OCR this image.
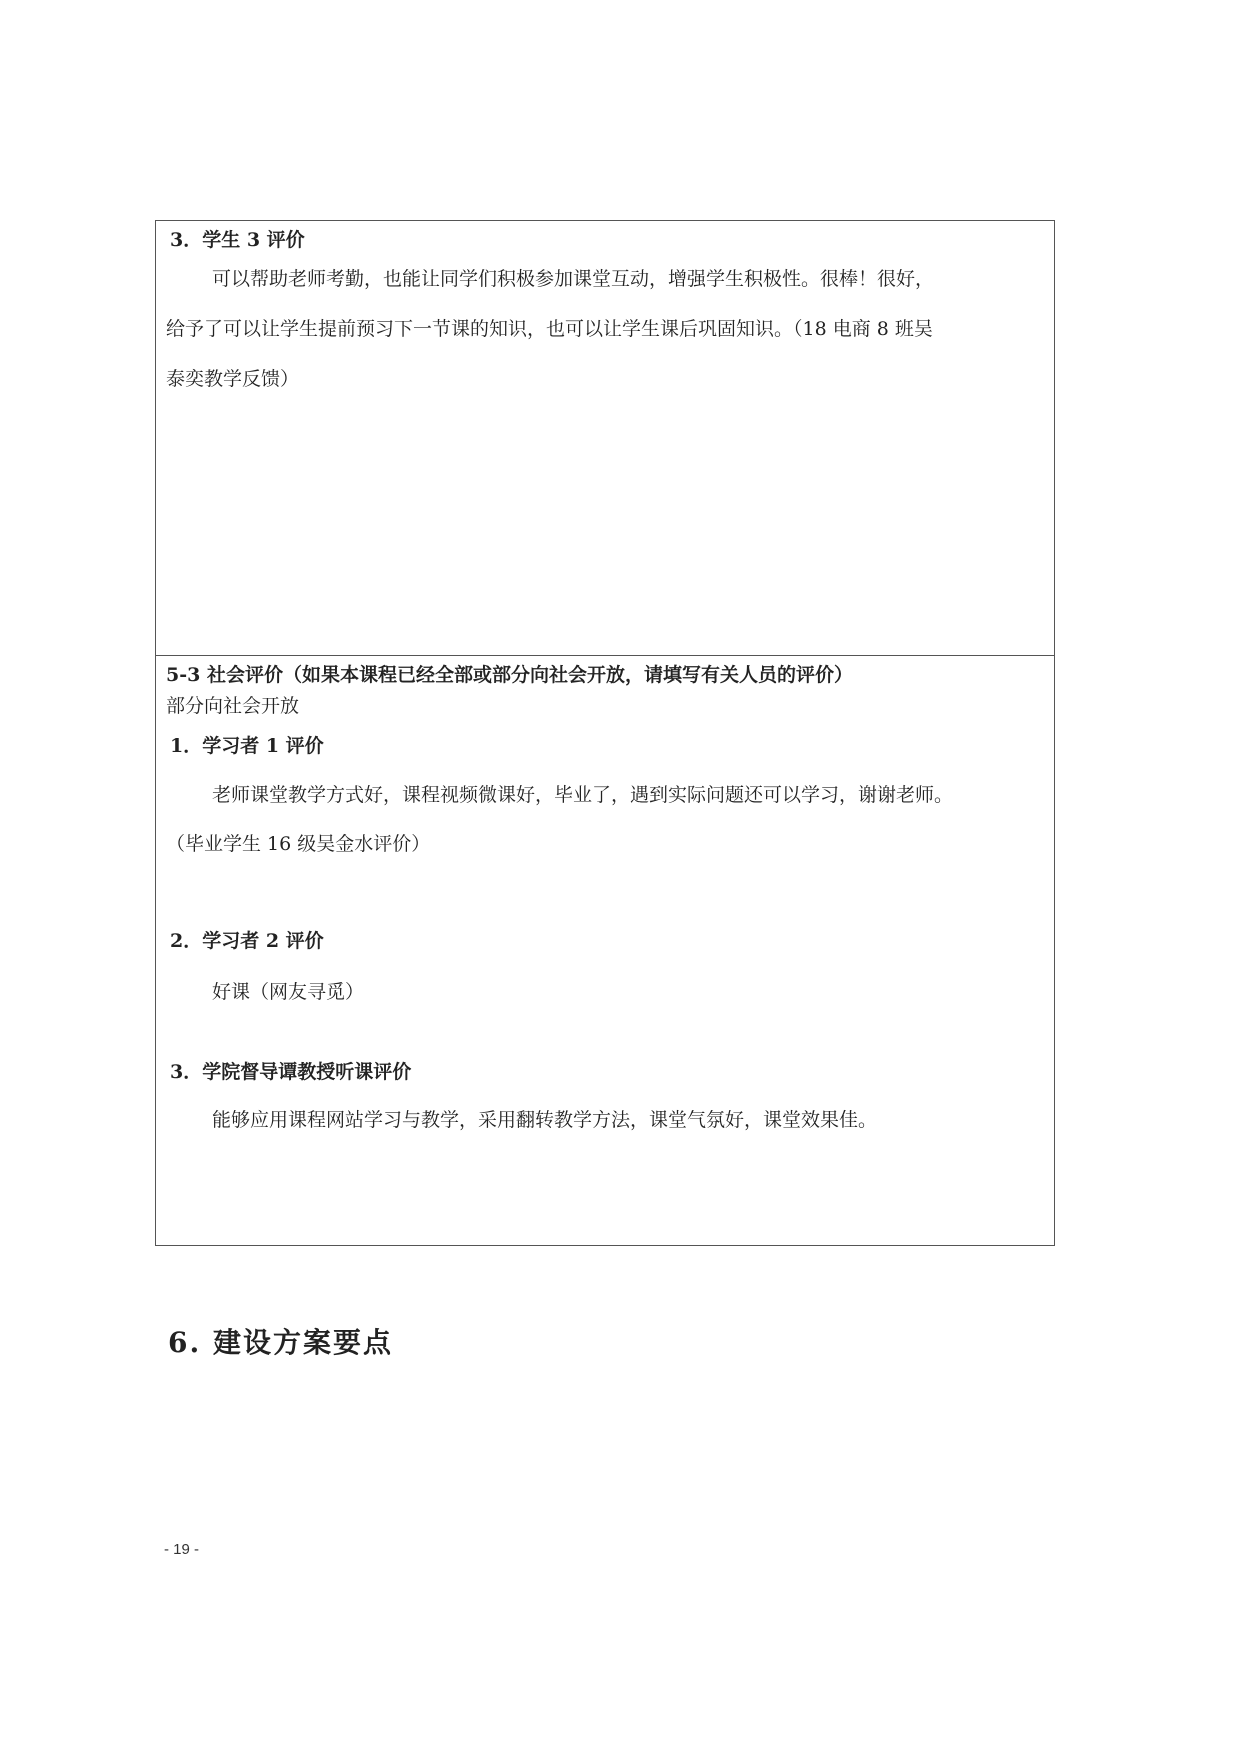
3．学生 3 评价
可以帮助老师考勤，也能让同学们积极参加课堂互动，增强学生积极性。很棒！很好，
给予了可以让学生提前预习下一节课的知识，也可以让学生课后巩固知识。（18 电商 8 班吴
泰奕教学反馈）
5-3 社会评价（如果本课程已经全部或部分向社会开放，请填写有关人员的评价）
部分向社会开放
1．学习者 1 评价
老师课堂教学方式好，课程视频微课好，毕业了，遇到实际问题还可以学习，谢谢老师。
（毕业学生 16 级吴金水评价）
2．学习者 2 评价
好课（网友寻觅）
3．学院督导谭教授听课评价
能够应用课程网站学习与教学，采用翻转教学方法，课堂气氛好，课堂效果佳。
6. 建设方案要点
- 19 -
